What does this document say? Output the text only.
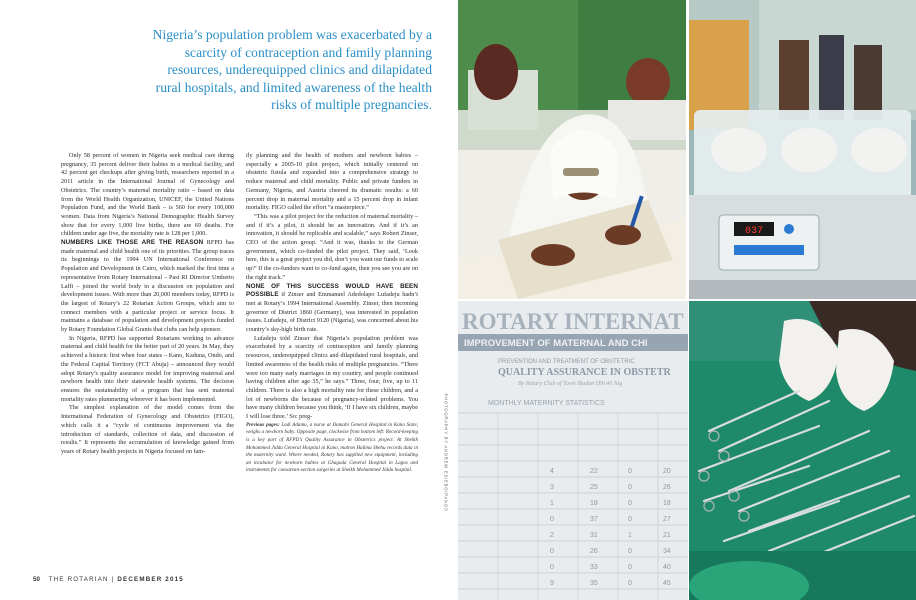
Nigeria’s population problem was exacerbated by a scarcity of contraception and family planning resources, underequipped clinics and dilapidated rural hospitals, and limited awareness of the health risks of multiple pregnancies.

Only 58 percent of women in Nigeria seek medical care during pregnancy, 35 percent deliver their babies in a medical facility, and 42 percent get checkups after giving birth, researchers reported in a 2011 article in the International Journal of Gynecology and Obstetrics. The country’s maternal mortality ratio – based on data from the World Health Organization, UNICEF, the United Nations Population Fund, and the World Bank – is 560 for every 100,000 women. Data from Nigeria’s National Demographic Health Survey show that for every 1,000 live births, there are 69 deaths. For children under age five, the mortality rate is 128 per 1,000.

NUMBERS LIKE THOSE ARE THE REASON RFPD has made maternal and child health one of its priorities. The group traces its beginnings to the 1994 UN International Conference on Population and Development in Cairo, which marked the first time a representative from Rotary International – Past RI Director Umberto Laffi – joined the world body in a discussion on population and development issues. With more than 20,000 members today, RFPD is the largest of Rotary’s 22 Rotarian Action Groups, which aim to connect members with a particular project or service focus. It maintains a database of population and development projects funded by Rotary Foundation Global Grants that clubs can help sponsor.

In Nigeria, RFPD has supported Rotarians working to advance maternal and child health for the better part of 20 years. In May, they achieved a historic first when four states – Kano, Kaduna, Ondo, and the Federal Capital Territory (FCT Abuja) – announced they would adopt Rotary’s quality assurance model for improving maternal and newborn health into their statewide health systems. The decision ensures the sustainability of a program that has sent maternal mortality rates plummeting wherever it has been implemented.

The simplest explanation of the model comes from the International Federation of Gynecology and Obstetrics (FIGO), which calls it a “cycle of continuous improvement via the introduction of standards, collection of data, and discussion of results.” It represents the accumulation of knowledge gained from years of Rotary health projects in Nigeria focused on fam-

ily planning and the health of mothers and newborn babies – especially a 2005-10 pilot project, which initially centered on obstetric fistula and expanded into a comprehensive strategy to reduce maternal and child mortality. Public and private funders in Germany, Nigeria, and Austria cheered its dramatic results: a 60 percent drop in maternal mortality and a 15 percent drop in infant mortality. FIGO called the effort “a masterpiece.”

“This was a pilot project for the reduction of maternal mortality – and if it’s a pilot, it should be an innovation. And if it’s an innovation, it should be replicable and scalable,” says Robert Zinser, CEO of the action group. “And it was, thanks to the German government, which co-funded the pilot project. They said, ‘Look here, this is a great project you did, don’t you want our funds to scale up?’ If the co-funders want to co-fund again, then you see you are on the right track.”

NONE OF THIS SUCCESS WOULD HAVE BEEN POSSIBLE if Zinser and Emmanuel Adedolapo Lufadeju hadn’t met at Rotary’s 1994 International Assembly. Zinser, then incoming governor of District 1860 (Germany), was interested in population issues. Lufadeju, of District 9120 (Nigeria), was concerned about his country’s sky-high birth rate.

Lufadeju told Zinser that Nigeria’s population problem was exacerbated by a scarcity of contraception and family planning resources, underequipped clinics and dilapidated rural hospitals, and limited awareness of the health risks of multiple pregnancies. “There were too many early marriages in my country, and people continued having children after age 35,” he says.” Three, four, five, up to 11 children. There is also a high mortality rate for these children, and a lot of newborns die because of pregnancy-related problems. You have many children because you think, ‘If I have six children, maybe I will lose three.’ So: preg-

Previous pages: Ladi Adamu, a nurse at Dumabi General Hospital in Kano State, weighs a newborn baby. Opposite page, clockwise from bottom left: Record-keeping is a key part of RFPD’s Quality Assurance in Obstetrics project. At Sheikh Mohammed Jiddu General Hospital in Kano, matron Halima Shehu records data in the maternity ward. Where needed, Rotary has supplied new equipment, including an incubator for newborn babies at Gbagada General Hospital in Lagos and instruments for caesarean-section surgeries at Sheikh Mohammed Jiddu hospital.

50 THE ROTARIAN | DECEMBER 2015
PHOTOGRAPHY BY ANDREW ESIEBO/PANOS
037
ROTARY INTERNAT
IMPROVEMENT OF MATERNAL AND CHI
PREVENTION AND TREATMENT OF OBSTETRIC
QUALITY ASSURANCE IN OBSTETR
By Rotary Club of Town Ibadan D9140 Nig
MONTHLY MATERNITY STATISTICS
4	22	0	20
3	25	0	26
1	18	0	18
0	37	0	27
2	31	1	21
0	26	0	34
0	33	0	40
9	35	0	45
